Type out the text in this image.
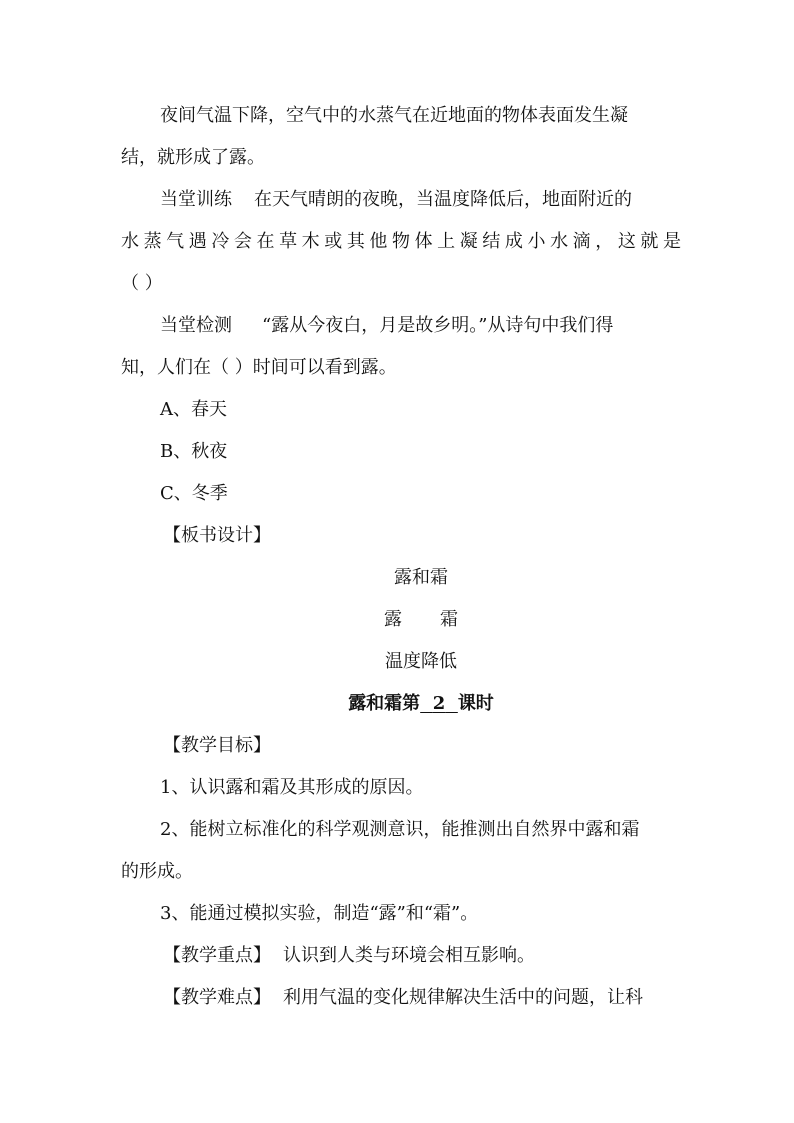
夜间气温下降，空气中的水蒸气在近地面的物体表面发生凝
结，就形成了露。
当堂训练 在天气晴朗的夜晚，当温度降低后，地面附近的
水蒸气遇冷会在草木或其他物体上凝结成小水滴，这就是
（ ）
当堂检测 “露从今夜白，月是故乡明。”从诗句中我们得
知，人们在（ ）时间可以看到露。
A、春天
B、秋夜
C、冬季
【板书设计】
露和霜
露 霜
温度降低
露和霜第 2 课时
【教学目标】
1、认识露和霜及其形成的原因。
2、能树立标准化的科学观测意识，能推测出自然界中露和霜
的形成。
3、能通过模拟实验，制造“露”和“霜”。
【教学重点】 认识到人类与环境会相互影响。
【教学难点】 利用气温的变化规律解决生活中的问题，让科
